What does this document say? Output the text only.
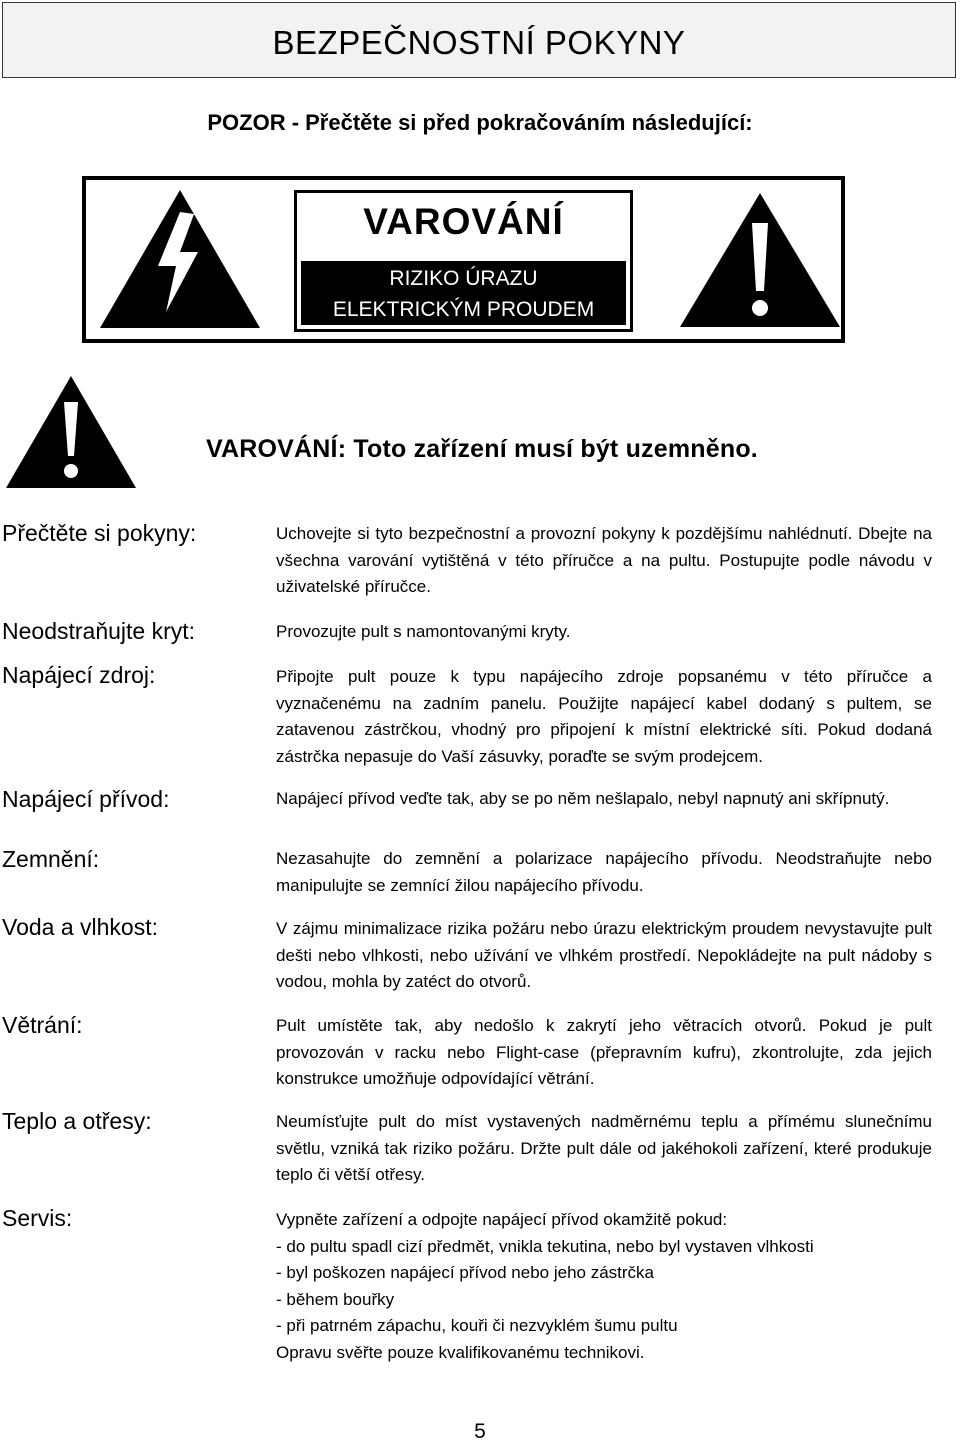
BEZPEČNOSTNÍ POKYNY
POZOR - Přečtěte si před pokračováním následující:
VAROVÁNÍ
RIZIKO ÚRAZU
ELEKTRICKÝM PROUDEM
VAROVÁNÍ: Toto zařízení musí být uzemněno.
Přečtěte si pokyny:
Neodstraňujte kryt:
Napájecí zdroj:
Napájecí přívod:
Zemnění:
Voda a vlhkost:
Větrání:
Teplo a otřesy:
Servis:
Uchovejte si tyto bezpečnostní a provozní pokyny k pozdějšímu nahlédnutí. Dbejte na všechna varování vytištěná v této příručce a na pultu. Postupujte podle návodu v uživatelské příručce.
Provozujte pult s namontovanými kryty.
Připojte pult pouze k typu napájecího zdroje popsanému v této příručce a vyznačenému na zadním panelu. Použijte napájecí kabel dodaný s pultem, se zatavenou zástrčkou, vhodný pro připojení k místní elektrické síti. Pokud dodaná zástrčka nepasuje do Vaší zásuvky, poraďte se svým prodejcem.
Napájecí přívod veďte tak, aby se po něm nešlapalo, nebyl napnutý ani skřípnutý.
Nezasahujte do zemnění a polarizace napájecího přívodu. Neodstraňujte nebo manipulujte se zemnící žilou napájecího přívodu.
V zájmu minimalizace rizika požáru nebo úrazu elektrickým proudem nevystavujte pult dešti nebo vlhkosti, nebo užívání ve vlhkém prostředí. Nepokládejte na pult nádoby s vodou, mohla by zatéct do otvorů.
Pult umístěte tak, aby nedošlo k zakrytí jeho větracích otvorů. Pokud je pult provozován v racku nebo Flight-case (přepravním kufru), zkontrolujte, zda jejich konstrukce umožňuje odpovídající větrání.
Neumísťujte pult do míst vystavených nadměrnému teplu a přímému slunečnímu světlu, vzniká tak riziko požáru. Držte pult dále od jakéhokoli zařízení, které produkuje teplo či větší otřesy.
Vypněte zařízení a odpojte napájecí přívod okamžitě pokud:
- do pultu spadl cizí předmět, vnikla tekutina, nebo byl vystaven vlhkosti
- byl poškozen napájecí přívod nebo jeho zástrčka
- během bouřky
- při patrném zápachu, kouři či nezvyklém šumu pultu
Opravu svěřte pouze kvalifikovanému technikovi.
5
